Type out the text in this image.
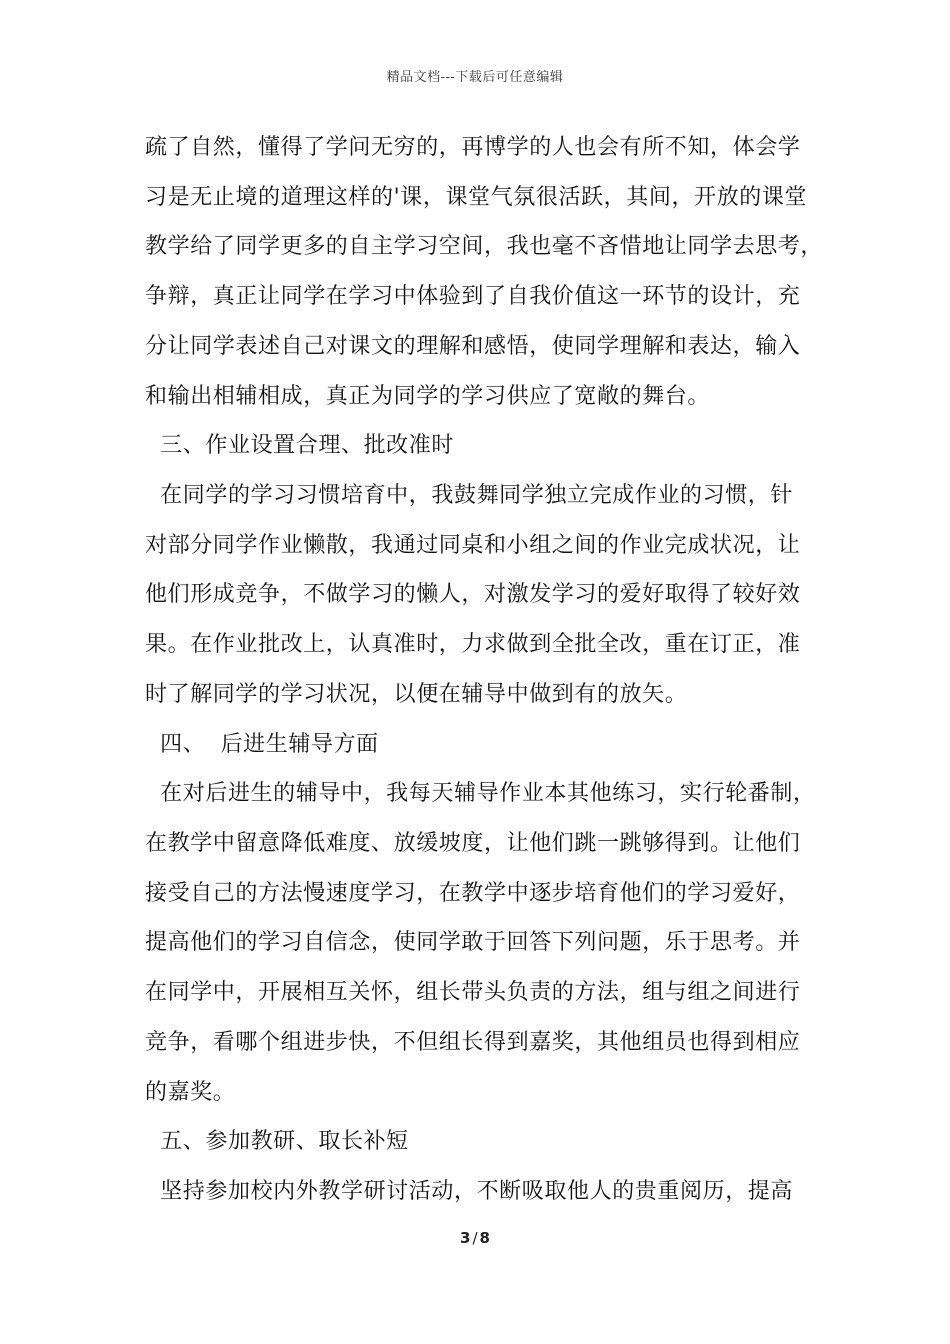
精品文档---下载后可任意编辑
疏了自然，懂得了学问无穷的，再博学的人也会有所不知，体会学
习是无止境的道理这样的'课，课堂气氛很活跃，其间，开放的课堂
教学给了同学更多的自主学习空间，我也毫不吝惜地让同学去思考，
争辩，真正让同学在学习中体验到了自我价值这一环节的设计，充
分让同学表述自己对课文的理解和感悟，使同学理解和表达，输入
和输出相辅相成，真正为同学的学习供应了宽敞的舞台。
三、作业设置合理、批改准时
在同学的学习习惯培育中，我鼓舞同学独立完成作业的习惯，针
对部分同学作业懒散，我通过同桌和小组之间的作业完成状况，让
他们形成竞争，不做学习的懒人，对激发学习的爱好取得了较好效
果。在作业批改上，认真准时，力求做到全批全改，重在订正，准
时了解同学的学习状况，以便在辅导中做到有的放矢。
四、  后进生辅导方面
在对后进生的辅导中，我每天辅导作业本其他练习，实行轮番制，
在教学中留意降低难度、放缓坡度，让他们跳一跳够得到。让他们
接受自己的方法慢速度学习，在教学中逐步培育他们的学习爱好，
提高他们的学习自信念，使同学敢于回答下列问题，乐于思考。并
在同学中，开展相互关怀，组长带头负责的方法，组与组之间进行
竞争，看哪个组进步快，不但组长得到嘉奖，其他组员也得到相应
的嘉奖。
五、参加教研、取长补短
坚持参加校内外教学研讨活动，不断吸取他人的贵重阅历，提高
3 / 8
